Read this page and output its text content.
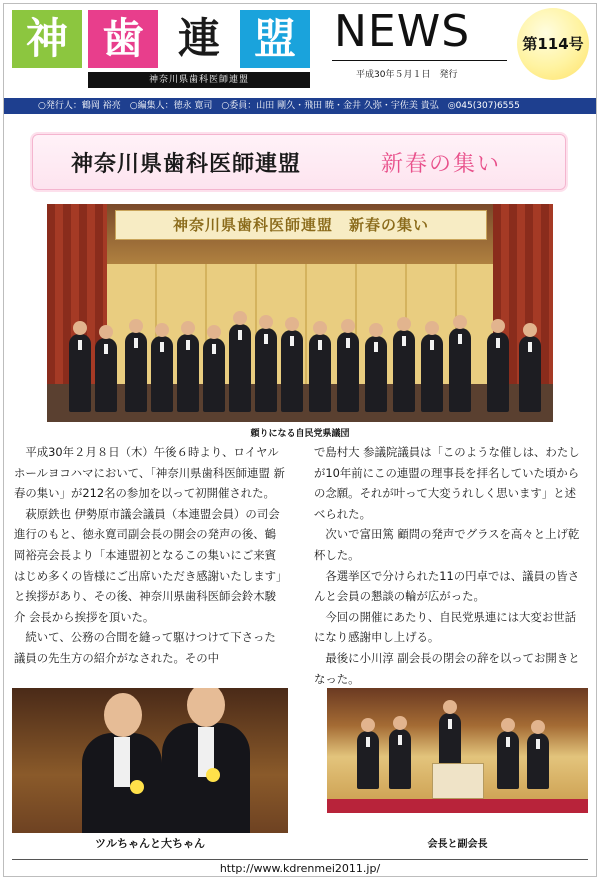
神 歯 連 盟
神奈川県歯科医師連盟
NEWS
平成30年５月１日　発行
第114号
○発行人：鶴岡 裕亮　○編集人：徳永 寛司　○委員：山田 剛久・飛田 暁・金井 久弥・宇佐美 貴弘　◎045(307)6555
神奈川県歯科医師連盟	新春の集い
神奈川県歯科医師連盟　新春の集い
頼りになる自民党県議団

平成30年２月８日（木）午後６時より、ロイヤルホールヨコハマにおいて、「神奈川県歯科医師連盟 新春の集い」が212名の参加を以って初開催された。

萩原鉄也 伊勢原市議会議員（本連盟会員）の司会進行のもと、徳永寛司副会長の開会の発声の後、鶴岡裕亮会長より「本連盟初となるこの集いにご来賓はじめ多くの皆様にご出席いただき感謝いたします」と挨拶があり、その後、神奈川県歯科医師会鈴木駿介 会長から挨拶を頂いた。

続いて、公務の合間を縫って駆けつけて下さった議員の先生方の紹介がなされた。その中

で島村大 参議院議員は「このような催しは、わたしが10年前にこの連盟の理事長を拝名していた頃からの念願。それが叶って大変うれしく思います」と述べられた。

次いで富田篤 顧問の発声でグラスを高々と上げ乾杯した。

各選挙区で分けられた11の円卓では、議員の皆さんと会員の懇談の輪が広がった。

今回の開催にあたり、自民党県連には大変お世話になり感謝申し上げる。

最後に小川淳 副会長の閉会の辞を以ってお開きとなった。

ツルちゃんと大ちゃん	会長と副会長
http://www.kdrenmei2011.jp/
